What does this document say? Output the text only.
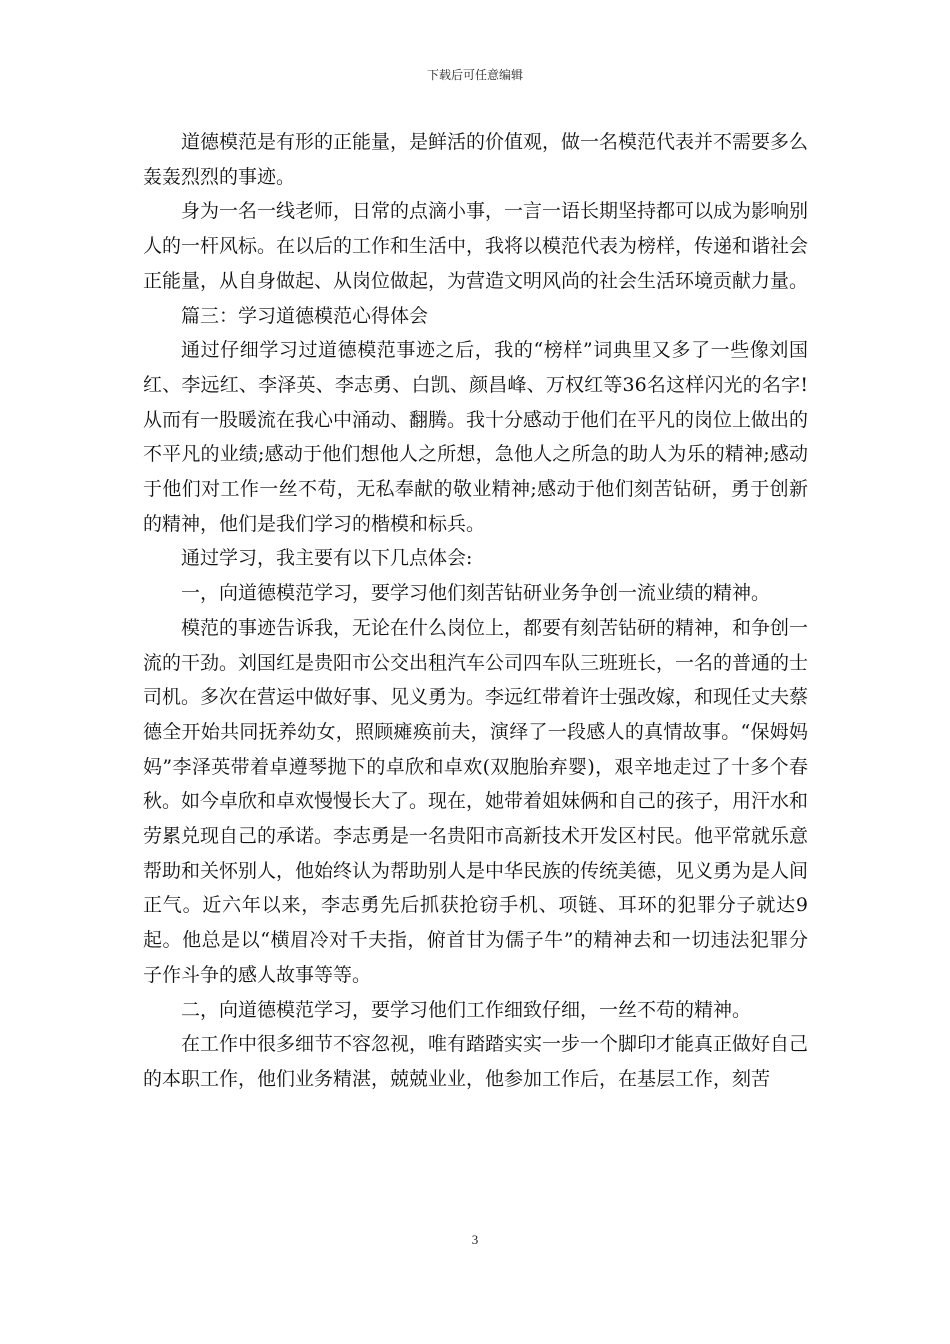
下载后可任意编辑

道德模范是有形的正能量，是鲜活的价值观，做一名模范代表并不需要多么轰轰烈烈的事迹。

身为一名一线老师，日常的点滴小事，一言一语长期坚持都可以成为影响别人的一杆风标。在以后的工作和生活中，我将以模范代表为榜样，传递和谐社会正能量，从自身做起、从岗位做起，为营造文明风尚的社会生活环境贡献力量。

篇三：学习道德模范心得体会

通过仔细学习过道德模范事迹之后，我的“榜样”词典里又多了一些像刘国红、李远红、李泽英、李志勇、白凯、颜昌峰、万权红等36名这样闪光的名字!从而有一股暖流在我心中涌动、翻腾。我十分感动于他们在平凡的岗位上做出的不平凡的业绩;感动于他们想他人之所想，急他人之所急的助人为乐的精神;感动于他们对工作一丝不苟，无私奉献的敬业精神;感动于他们刻苦钻研，勇于创新的精神，他们是我们学习的楷模和标兵。

通过学习，我主要有以下几点体会:

一，向道德模范学习，要学习他们刻苦钻研业务争创一流业绩的精神。

模范的事迹告诉我，无论在什么岗位上，都要有刻苦钻研的精神，和争创一流的干劲。刘国红是贵阳市公交出租汽车公司四车队三班班长，一名的普通的士司机。多次在营运中做好事、见义勇为。李远红带着许士强改嫁，和现任丈夫蔡德全开始共同抚养幼女，照顾瘫痪前夫，演绎了一段感人的真情故事。“保姆妈妈”李泽英带着卓遵琴抛下的卓欣和卓欢(双胞胎弃婴)，艰辛地走过了十多个春秋。如今卓欣和卓欢慢慢长大了。现在，她带着姐妹俩和自己的孩子，用汗水和劳累兑现自己的承诺。李志勇是一名贵阳市高新技术开发区村民。他平常就乐意帮助和关怀别人，他始终认为帮助别人是中华民族的传统美德，见义勇为是人间正气。近六年以来，李志勇先后抓获抢窃手机、项链、耳环的犯罪分子就达9起。他总是以“横眉冷对千夫指，俯首甘为儒子牛”的精神去和一切违法犯罪分子作斗争的感人故事等等。

二，向道德模范学习，要学习他们工作细致仔细，一丝不苟的精神。

在工作中很多细节不容忽视，唯有踏踏实实一步一个脚印才能真正做好自己的本职工作，他们业务精湛，兢兢业业，他参加工作后，在基层工作，刻苦

3
